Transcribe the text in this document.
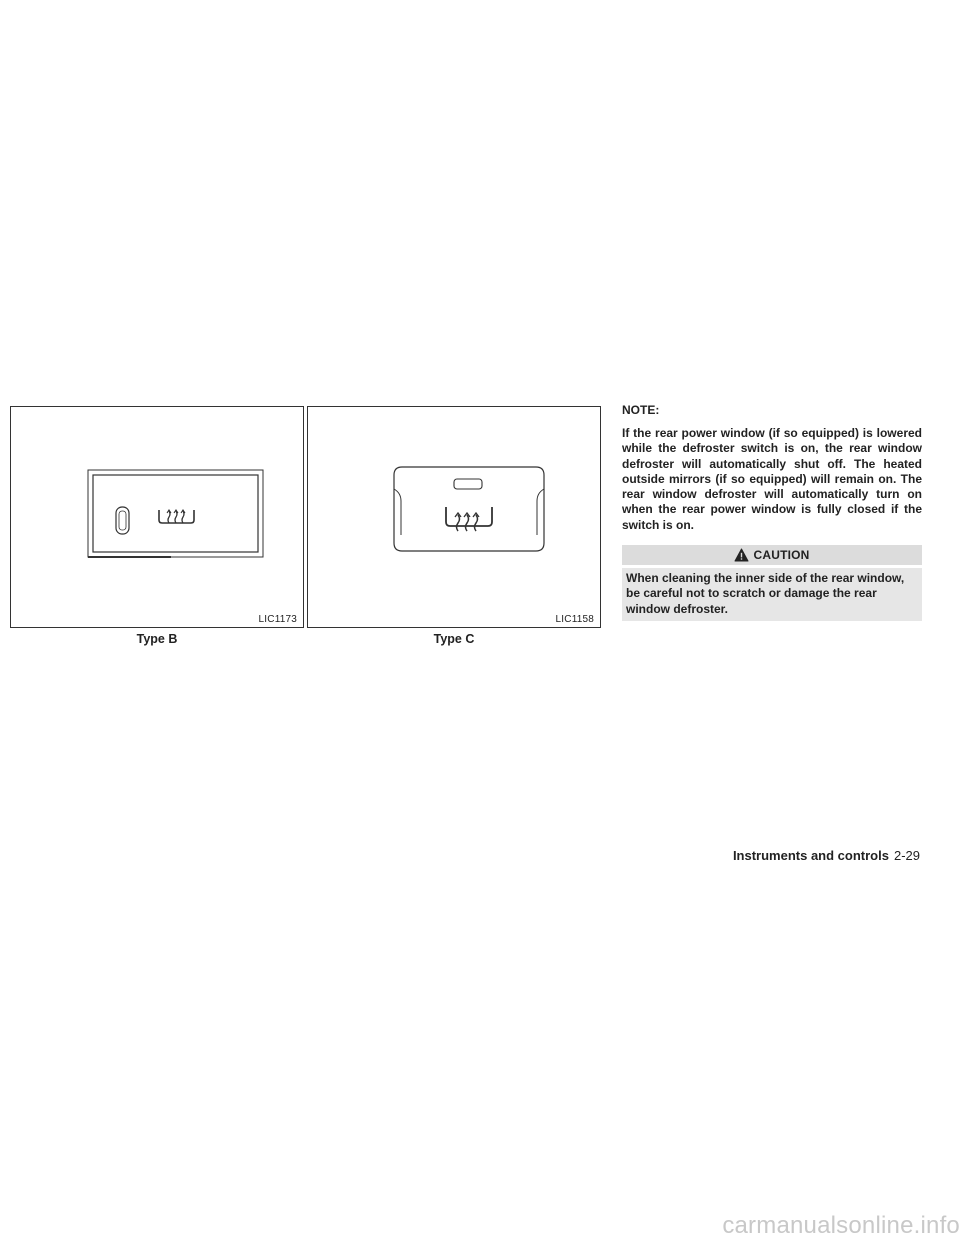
LIC1173
Type B
LIC1158
Type C

NOTE:

If the rear power window (if so equipped) is lowered while the defroster switch is on, the rear window defroster will automatically shut off. The heated outside mirrors (if so equipped) will remain on. The rear window defroster will automatically turn on when the rear power window is fully closed if the switch is on.

CAUTION
When cleaning the inner side of the rear window, be careful not to scratch or damage the rear window defroster.
Instruments and controls 2-29
carmanualsonline.info
